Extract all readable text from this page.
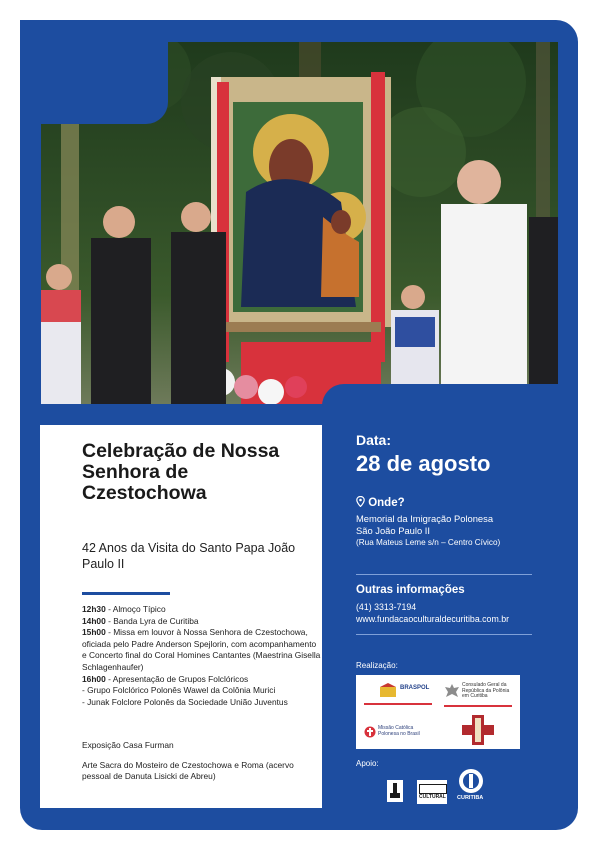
Celebração de Nossa Senhora de Czestochowa
42 Anos da Visita do Santo Papa João Paulo II
12h30 - Almoço Típico
14h00 - Banda Lyra de Curitiba
15h00 - Missa em louvor à Nossa Senhora de Czestochowa, oficiada pelo Padre Anderson Spejlorin, com acompanhamento e Concerto final do Coral Homines Cantantes (Maestrina Gisella Schlagenhaufer)
16h00 - Apresentação de Grupos Folclóricos
- Grupo Folclórico Polonês Wawel da Colônia Murici
- Junak Folclore Polonês da Sociedade União Juventus
Exposição Casa Furman
Arte Sacra do Mosteiro de Czestochowa e Roma (acervo pessoal de Danuta Lisicki de Abreu)
Data:
28 de agosto
Onde?
Memorial da Imigração Polonesa
São João Paulo II
(Rua Mateus Leme s/n – Centro Cívico)
Outras informações
(41) 3313-7194
www.fundacaoculturaldecuritiba.com.br
Realização:
BRASPOL	Consulado Geral da República da Polônia em Curitiba
Missão Católica Polonesa no Brasil
Apoio:
CULTURAL CURITIBA
